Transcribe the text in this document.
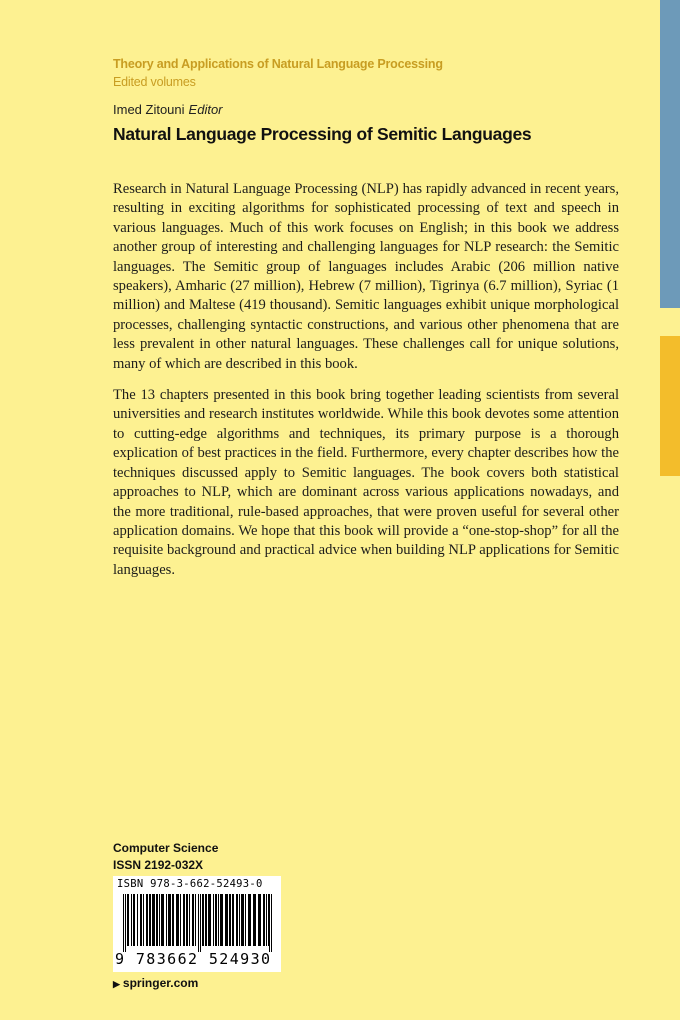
Theory and Applications of Natural Language Processing
Edited volumes
Imed Zitouni Editor
Natural Language Processing of Semitic Languages

Research in Natural Language Processing (NLP) has rapidly advanced in recent years, resulting in exciting algorithms for sophisticated processing of text and speech in various languages. Much of this work focuses on English; in this book we address another group of interesting and challenging languages for NLP research: the Semitic languages. The Semitic group of languages includes Arabic (206 million native speakers), Amharic (27 million), Hebrew (7 million), Tigrinya (6.7 million), Syriac (1 million) and Maltese (419 thousand). Semitic languages exhibit unique morphological processes, challenging syntactic constructions, and various other phenomena that are less prevalent in other natural languages. These challenges call for unique solutions, many of which are described in this book.

The 13 chapters presented in this book bring together leading scientists from several universities and research institutes worldwide. While this book devotes some attention to cutting-edge algorithms and techniques, its primary purpose is a thorough explication of best practices in the field. Furthermore, every chapter describes how the techniques discussed apply to Semitic languages. The book covers both statistical approaches to NLP, which are dominant across various applications nowadays, and the more traditional, rule-based approaches, that were proven useful for several other application domains. We hope that this book will provide a “one-stop-shop” for all the requisite background and practical advice when building NLP applications for Semitic languages.

Computer Science
ISSN 2192-032X
ISBN 978-3-662-52493-0
9 783662 524930
▶ springer.com
